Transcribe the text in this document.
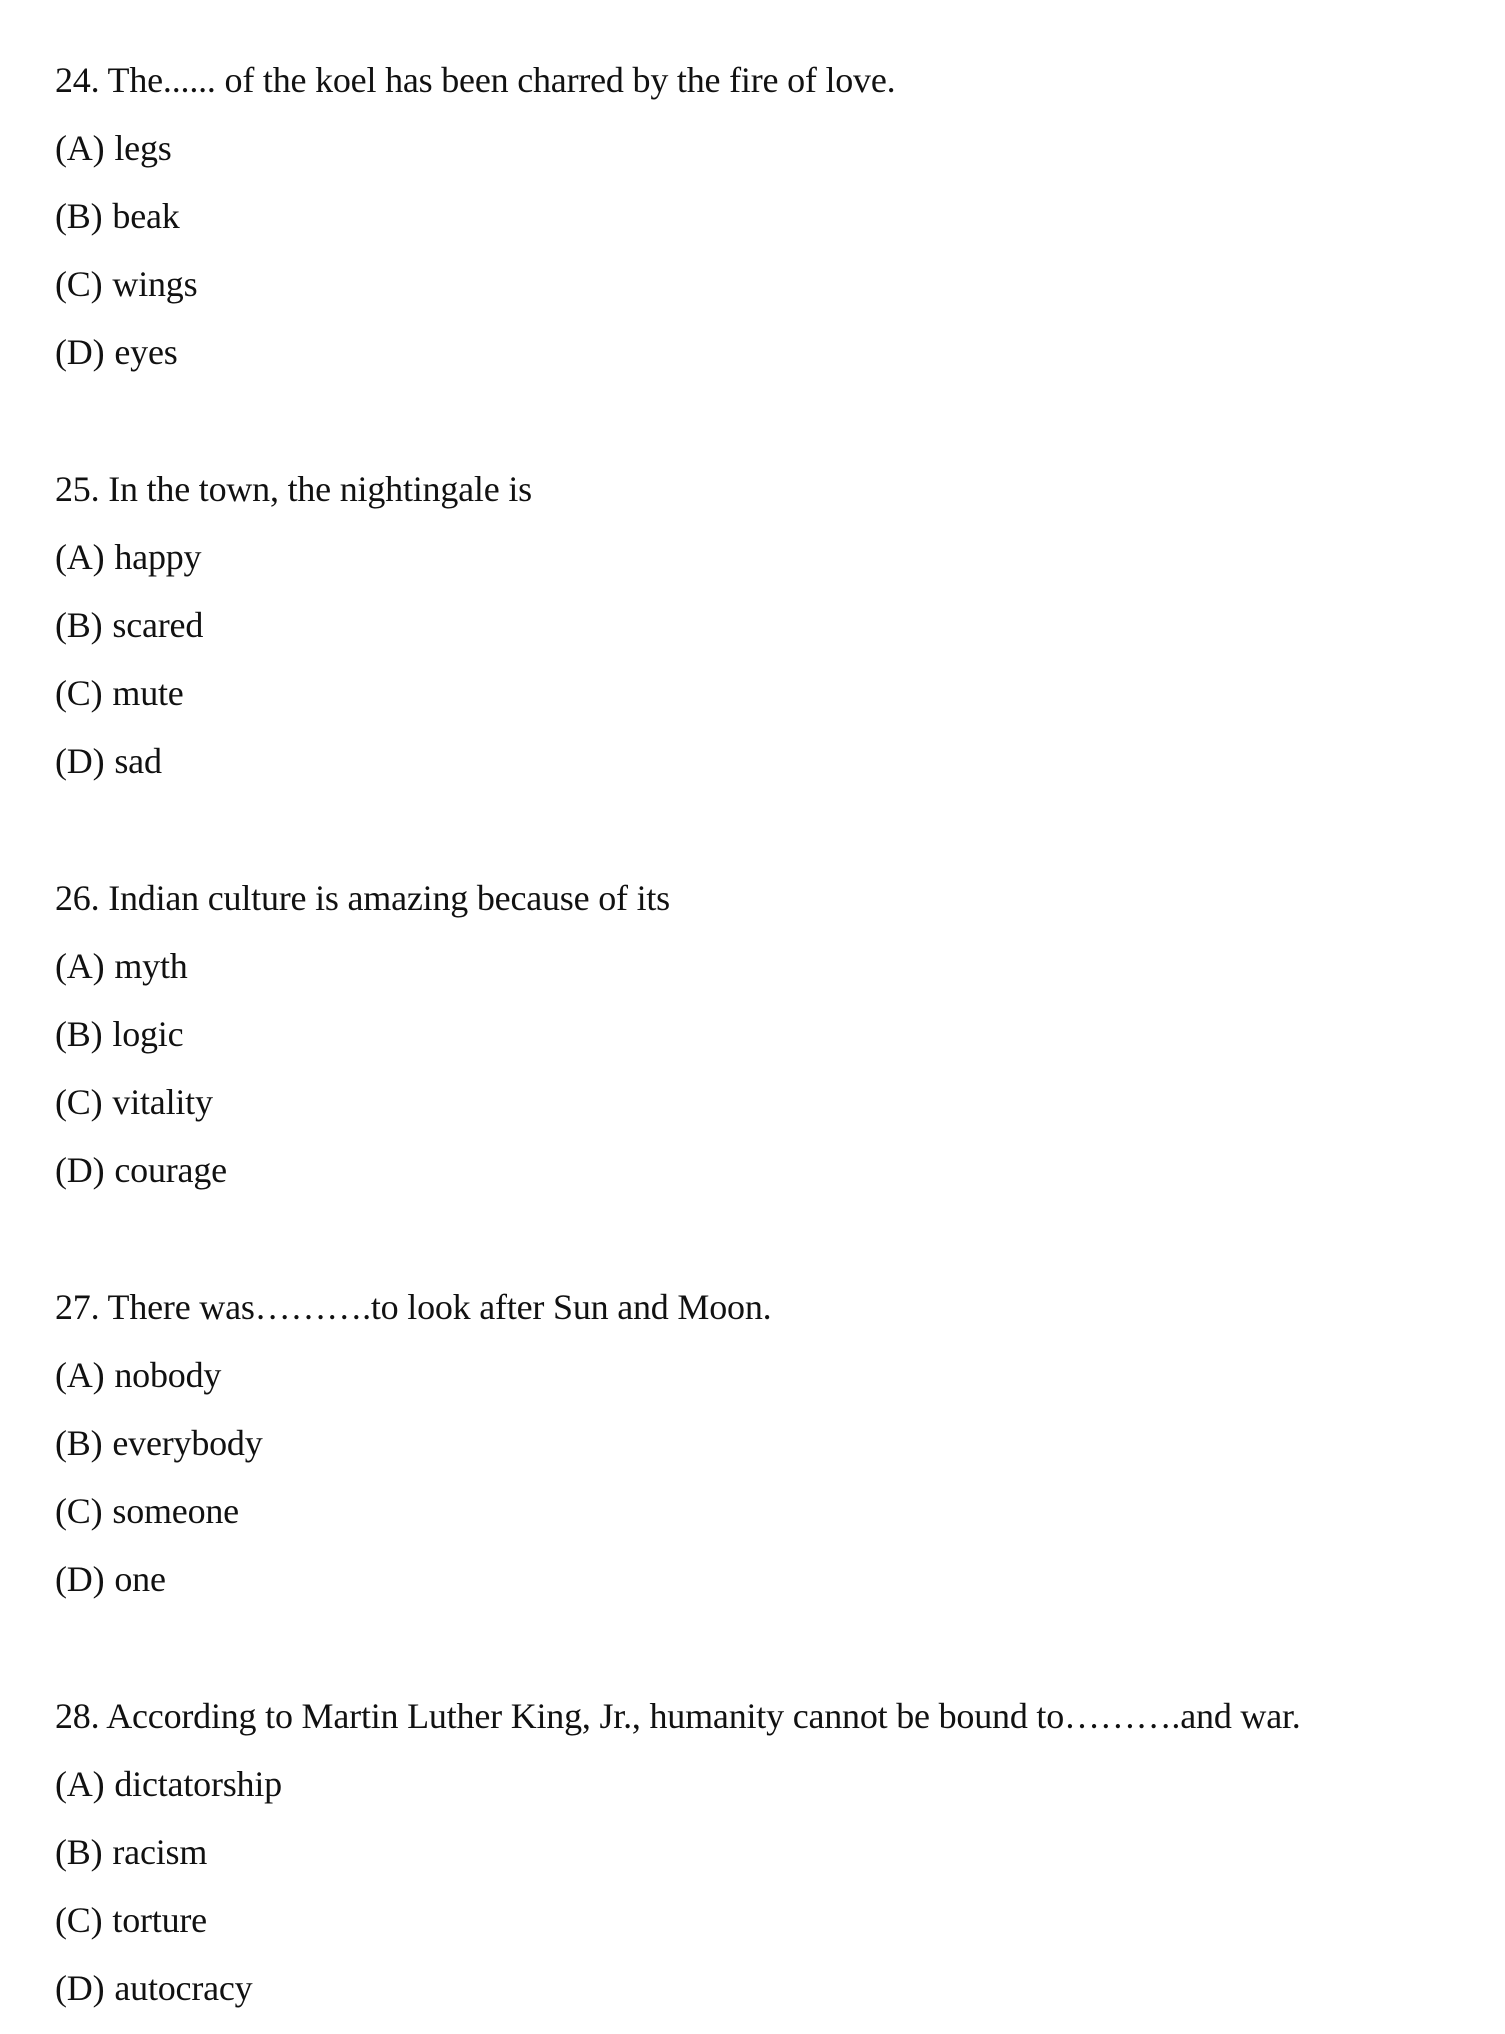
24. The...... of the koel has been charred by the fire of love.
(A) legs
(B) beak
(C) wings
(D) eyes
25. In the town, the nightingale is
(A) happy
(B) scared
(C) mute
(D) sad
26. Indian culture is amazing because of its
(A) myth
(B) logic
(C) vitality
(D) courage
27. There was……….to look after Sun and Moon.
(A) nobody
(B) everybody
(C) someone
(D) one
28. According to Martin Luther King, Jr., humanity cannot be bound to……….and war.
(A) dictatorship
(B) racism
(C) torture
(D) autocracy
